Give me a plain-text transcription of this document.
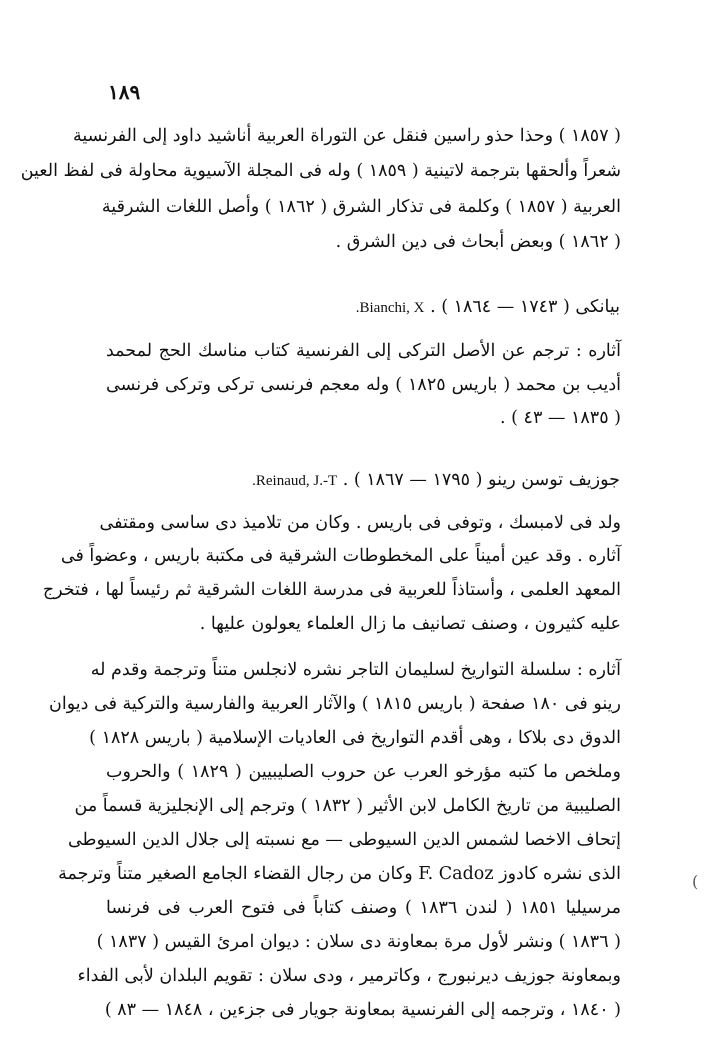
١٨٩
( ١٨٥٧ ) وحذا حذو راسين فنقل عن التوراة العربية أناشيد داود إلى الفرنسية
شعراً وألحقها بترجمة لاتينية ( ١٨٥٩ ) وله فى المجلة الآسيوية محاولة فى لفظ العين
العربية ( ١٨٥٧ ) وكلمة فى تذكار الشرق ( ١٨٦٢ ) وأصل اللغات الشرقية
( ١٨٦٢ ) وبعض أبحاث فى دين الشرق .
بيانكى ( ١٧٤٣ — ١٨٦٤ ) . Bianchi, X.
آثاره : ترجم عن الأصل التركى إلى الفرنسية كتاب مناسك الحج لمحمد
أديب بن محمد ( باريس ١٨٢٥ ) وله معجم فرنسى تركى وتركى فرنسى
( ١٨٣٥ — ٤٣ ) .
جوزيف توسن رينو ( ١٧٩٥ — ١٨٦٧ ) . Reinaud, J.-T.
ولد فى لامبسك ، وتوفى فى باريس . وكان من تلاميذ دى ساسى ومقتفى
آثاره . وقد عين أميناً على المخطوطات الشرقية فى مكتبة باريس ، وعضواً فى
المعهد العلمى ، وأستاذاً للعربية فى مدرسة اللغات الشرقية ثم رئيساً لها ، فتخرج
عليه كثيرون ، وصنف تصانيف ما زال العلماء يعولون عليها .
آثاره : سلسلة التواريخ لسليمان التاجر نشره لانجلس متناً وترجمة وقدم له
رينو فى ١٨٠ صفحة ( باريس ١٨١٥ ) والآثار العربية والفارسية والتركية فى ديوان
الدوق دى بلاكا ، وهى أقدم التواريخ فى العاديات الإسلامية ( باريس ١٨٢٨ )
وملخص ما كتبه مؤرخو العرب عن حروب الصليبيين ( ١٨٢٩ ) والحروب
الصليبية من تاريخ الكامل لابن الأثير ( ١٨٣٢ ) وترجم إلى الإنجليزية قسماً من
إتحاف الاخصا لشمس الدين السيوطى — مع نسبته إلى جلال الدين السيوطى
الذى نشره كادوز F. Cadoz وكان من رجال القضاء الجامع الصغير متناً وترجمة
مرسيليا ١٨٥١ ( لندن ١٨٣٦ ) وصنف كتاباً فى فتوح العرب فى فرنسا
( ١٨٣٦ ) ونشر لأول مرة بمعاونة دى سلان : ديوان امرئ القيس ( ١٨٣٧ )
وبمعاونة جوزيف ديرنبورج ، وكاترمير ، ودى سلان : تقويم البلدان لأبى الفداء
( ١٨٤٠ ، وترجمه إلى الفرنسية بمعاونة جويار فى جزءين ، ١٨٤٨ — ٨٣ )
(
